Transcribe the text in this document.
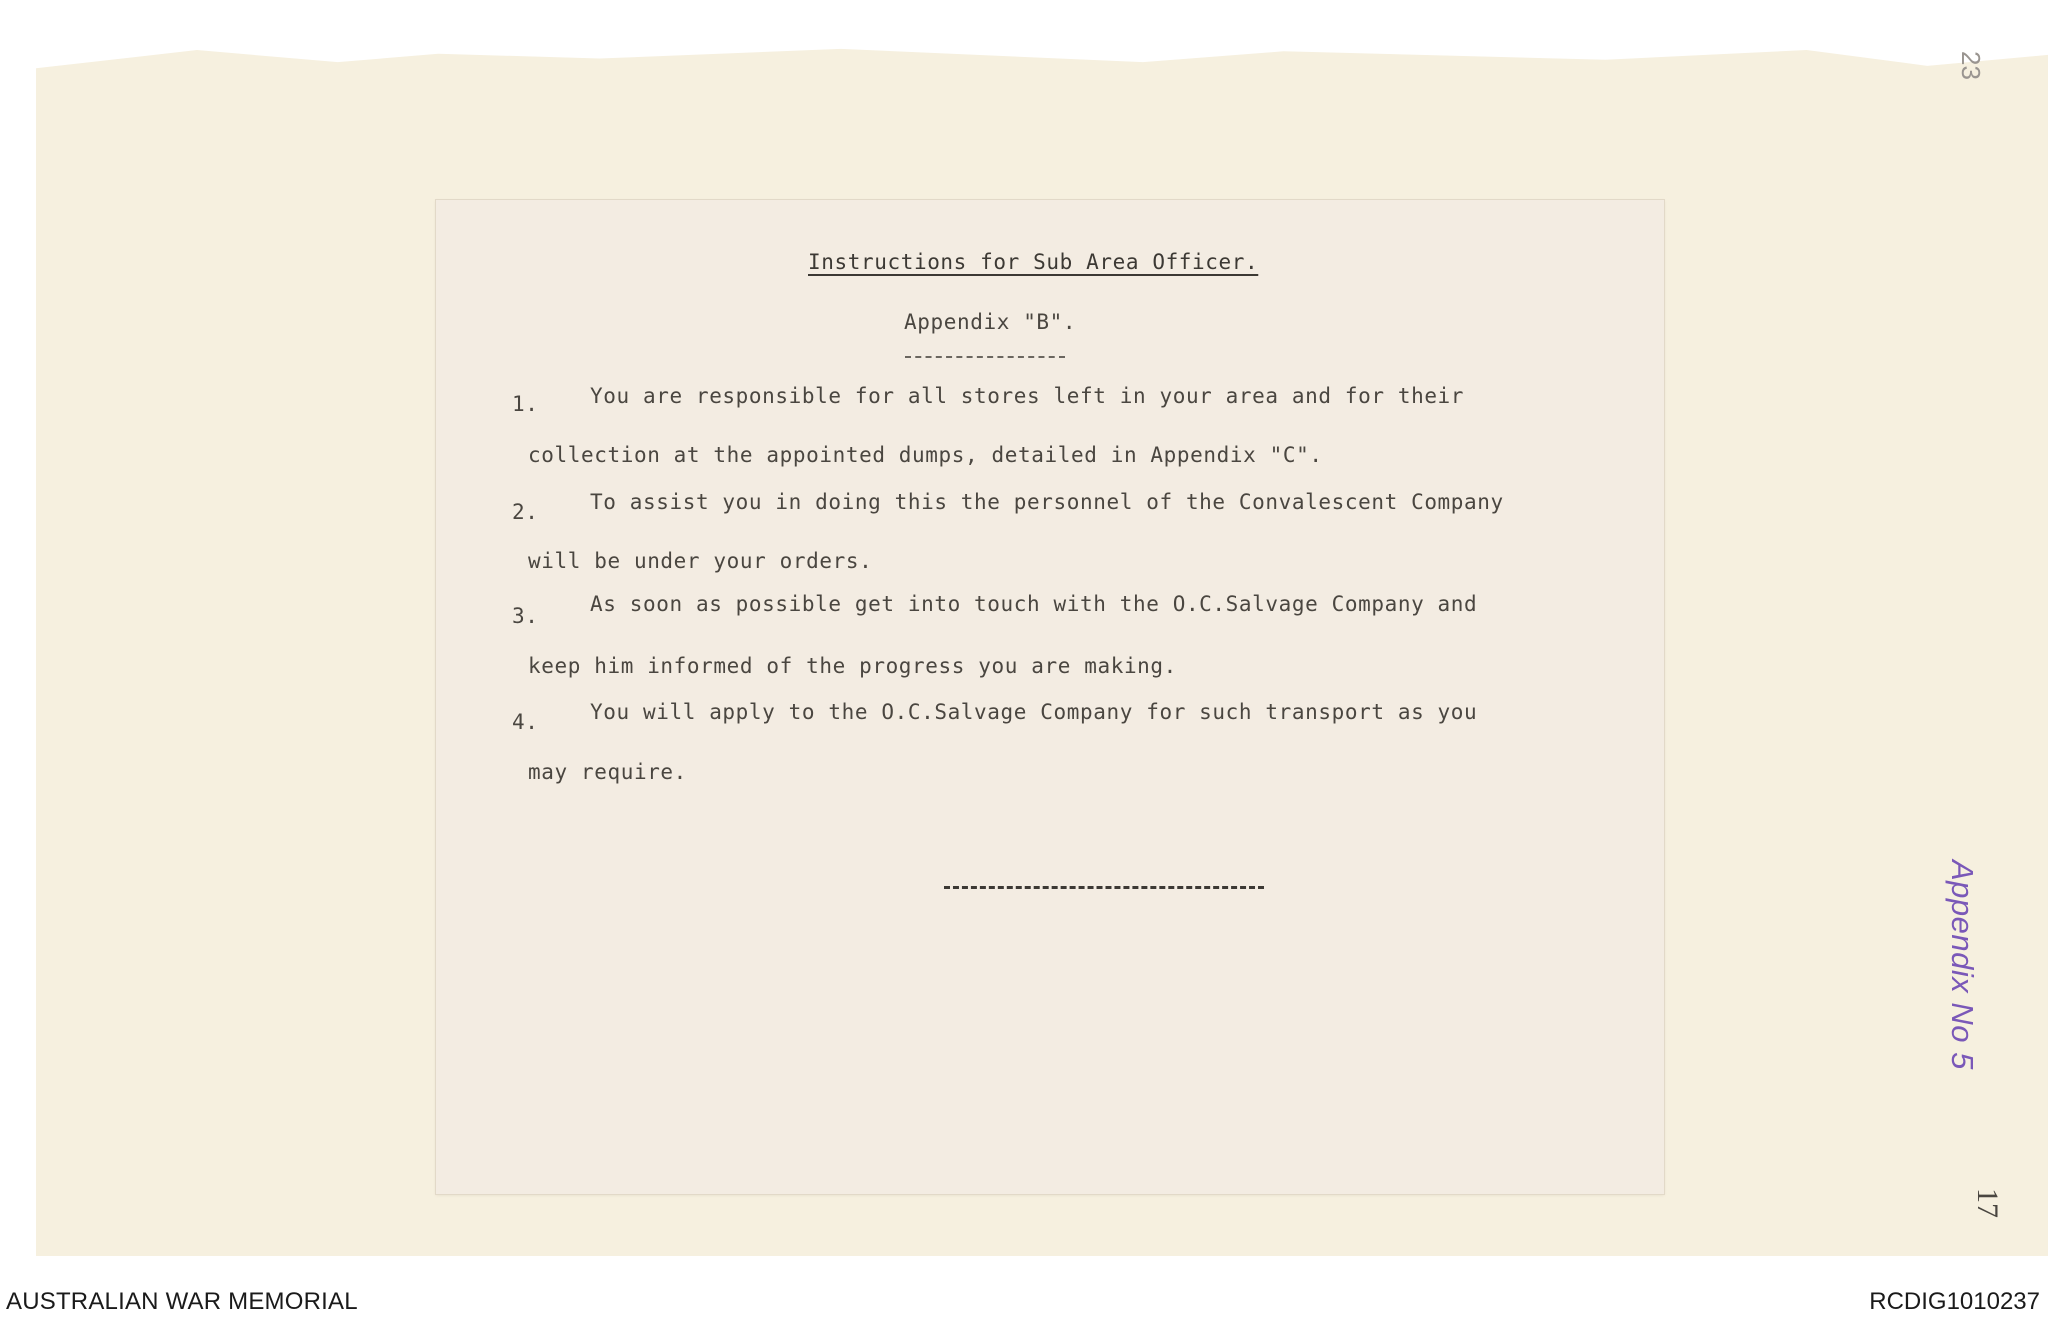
Instructions for Sub Area Officer.

Appendix "B".

1. You are responsible for all stores left in your area and for their

collection at the appointed dumps, detailed in Appendix "C".

2. To assist you in doing this the personnel of the Convalescent Company

will be under your orders.

3. As soon as possible get into touch with the O.C.Salvage Company and

keep him informed of the progress you are making.

4. You will apply to the O.C.Salvage Company for such transport as you

may require.

Appendix No 5
23
17
AUSTRALIAN WAR MEMORIAL	RCDIG1010237
